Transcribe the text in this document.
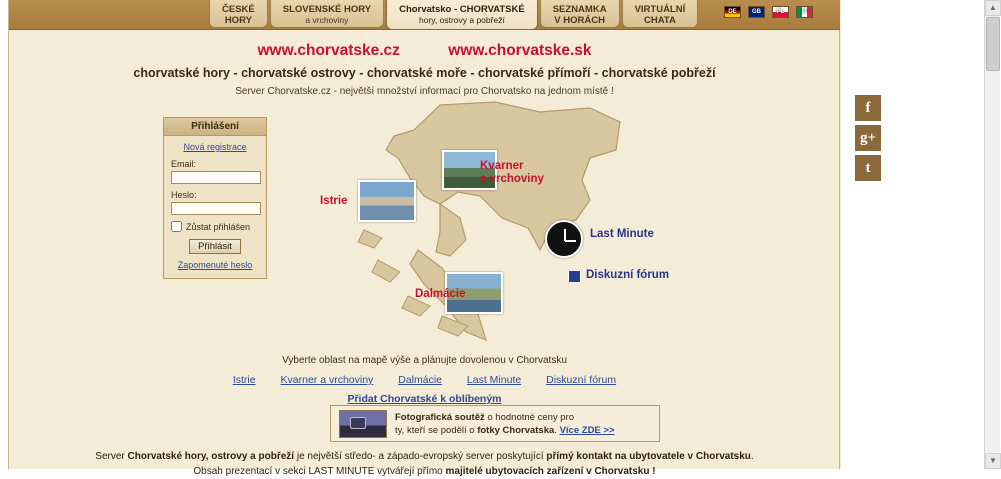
ČESKÉ
HORY
SLOVENSKÉ HORY
a vrchoviny
Chorvatsko - CHORVATSKÉ
hory, ostrovy a pobřeží
SEZNAMKA
V HORÁCH
VIRTUÁLNÍ
CHATA
DE	GB	PL	IT
f
g+
t
www.chorvatske.cz	www.chorvatske.sk
chorvatské hory - chorvatské ostrovy - chorvatské moře - chorvatské přímoří - chorvatské pobřeží
Server Chorvatske.cz - největší množství informací pro Chorvatsko na jednom místě !
Přihlášení
Nová registrace
Email:
Heslo:
Zůstat přihlášen
Přihlásit
Zapomenuté heslo
Kvarner
a vrchoviny
Istrie
Dalmácie
Last Minute
Diskuzní fórum
Vyberte oblast na mapě výše a plánujte dovolenou v Chorvatsku
Istrie Kvarner a vrchoviny Dalmácie Last Minute Diskuzní fórum
Přidat Chorvatské k oblíbeným
Fotografická soutěž o hodnotné ceny pro
ty, kteří se podělí o fotky Chorvatska. Více ZDE >>
Server Chorvatské hory, ostrovy a pobřeží je největší středo- a západo-evropský server poskytující přímý kontakt na ubytovatele v Chorvatsku.
Obsah prezentací v sekci LAST MINUTE vytvářejí přímo majitelé ubytovacích zařízení v Chorvatsku !
▲
▼
